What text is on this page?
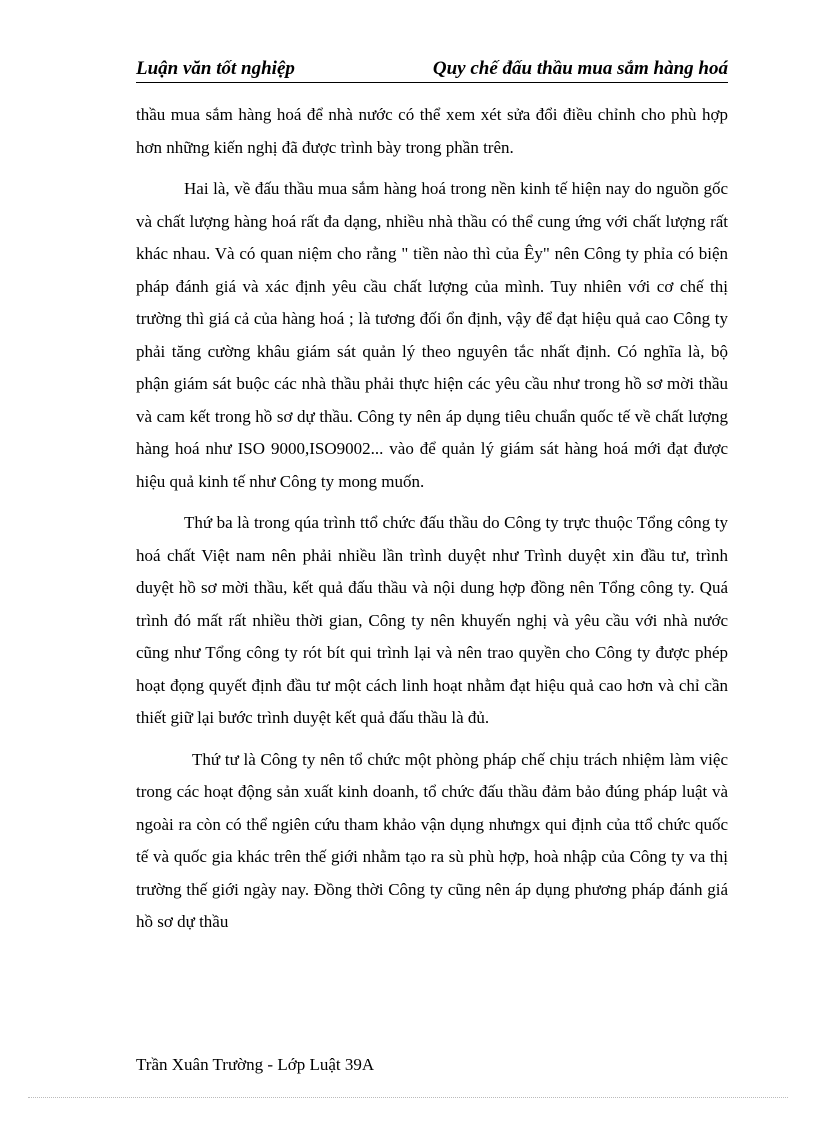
Luận văn tốt nghiệp	Quy chế đấu thầu mua sắm hàng hoá

thầu mua sắm hàng hoá để nhà nước có thể xem xét sửa đổi điều chỉnh cho phù hợp hơn những kiến nghị đã được trình bày trong phần trên.

Hai là, về đấu thầu mua sắm hàng hoá trong nền kinh tế hiện nay do nguồn gốc và chất lượng hàng hoá rất đa dạng, nhiều nhà thầu có thể cung ứng với chất lượng rất khác nhau. Và có quan niệm cho rằng " tiền nào thì của Êy" nên Công ty phỉa có biện pháp đánh giá và xác định yêu cầu chất lượng của mình. Tuy nhiên với cơ chế thị trường thì giá cả của hàng hoá ; là tương đối ổn định, vậy để đạt hiệu quả cao Công ty phải tăng cường khâu giám sát quản lý theo nguyên tắc nhất định. Có nghĩa là, bộ phận giám sát buộc các nhà thầu phải thực hiện các yêu cầu như trong hồ sơ mời thầu và cam kết trong hồ sơ dự thầu. Công ty nên áp dụng tiêu chuẩn quốc tế về chất lượng hàng hoá như ISO 9000,ISO9002... vào để quản lý giám sát hàng hoá mới đạt được hiệu quả kinh tế như Công ty mong muốn.

Thứ ba là trong qúa trình ttổ chức đấu thầu do Công ty trực thuộc Tổng công ty hoá chất Việt nam nên phải nhiều lần trình duyệt như Trình duyệt xin đầu tư, trình duyệt hồ sơ mời thầu, kết quả đấu thầu và nội dung hợp đồng nên Tổng công ty. Quá trình đó mất rất nhiều thời gian, Công ty nên khuyến nghị và yêu cầu với nhà nước cũng như Tổng công ty rót bít qui trình lại và nên trao quyền cho Công ty được phép hoạt đọng quyết định đầu tư một cách linh hoạt nhằm đạt hiệu quả cao hơn và chỉ cần thiết giữ lại bước trình duyệt kết quả đấu thầu là đủ.

Thứ tư là Công ty nên tổ chức một phòng pháp chế chịu trách nhiệm làm việc trong các hoạt động sản xuất kinh doanh, tổ chức đấu thầu đảm bảo đúng pháp luật và ngoài ra còn có thể ngiên cứu tham khảo vận dụng nhưngx qui định của ttổ chức quốc tế và quốc gia khác trên thế giới nhằm tạo ra sù phù hợp, hoà nhập của Công ty va thị trường thế giới ngày nay. Đồng thời Công ty cũng nên áp dụng phương pháp đánh giá hồ sơ dự thầu

Trần Xuân Trường - Lớp Luật 39A
